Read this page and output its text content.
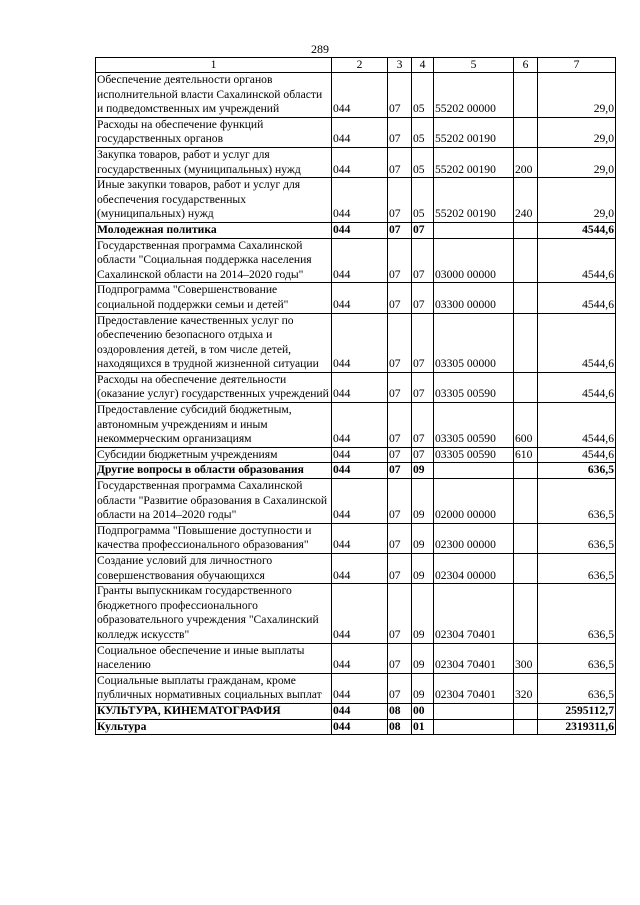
289
1	2	3	4	5	6	7
Обеспечение деятельности органов исполнительной власти Сахалинской области и подведомственных им учреждений	044	07	05	55202 00000		29,0
Расходы на обеспечение функций государственных органов	044	07	05	55202 00190		29,0
Закупка товаров, работ и услуг для государственных (муниципальных) нужд	044	07	05	55202 00190	200	29,0
Иные закупки товаров, работ и услуг для обеспечения государственных (муниципальных) нужд	044	07	05	55202 00190	240	29,0
Молодежная политика	044	07	07			4544,6
Государственная программа Сахалинской области "Социальная поддержка населения Сахалинской области на 2014–2020 годы"	044	07	07	03000 00000		4544,6
Подпрограмма "Совершенствование социальной поддержки семьи и детей"	044	07	07	03300 00000		4544,6
Предоставление качественных услуг по обеспечению безопасного отдыха и оздоровления детей, в том числе детей, находящихся в трудной жизненной ситуации	044	07	07	03305 00000		4544,6
Расходы на обеспечение деятельности (оказание услуг) государственных учреждений	044	07	07	03305 00590		4544,6
Предоставление субсидий бюджетным, автономным учреждениям и иным некоммерческим организациям	044	07	07	03305 00590	600	4544,6
Субсидии бюджетным учреждениям	044	07	07	03305 00590	610	4544,6
Другие вопросы в области образования	044	07	09			636,5
Государственная программа Сахалинской области "Развитие образования в Сахалинской области на 2014–2020 годы"	044	07	09	02000 00000		636,5
Подпрограмма "Повышение доступности и качества профессионального образования"	044	07	09	02300 00000		636,5
Создание условий для личностного совершенствования обучающихся	044	07	09	02304 00000		636,5
Гранты выпускникам государственного бюджетного профессионального образовательного учреждения "Сахалинский колледж искусств"	044	07	09	02304 70401		636,5
Социальное обеспечение и иные выплаты населению	044	07	09	02304 70401	300	636,5
Социальные выплаты гражданам, кроме публичных нормативных социальных выплат	044	07	09	02304 70401	320	636,5
КУЛЬТУРА, КИНЕМАТОГРАФИЯ	044	08	00			2595112,7
Культура	044	08	01			2319311,6
